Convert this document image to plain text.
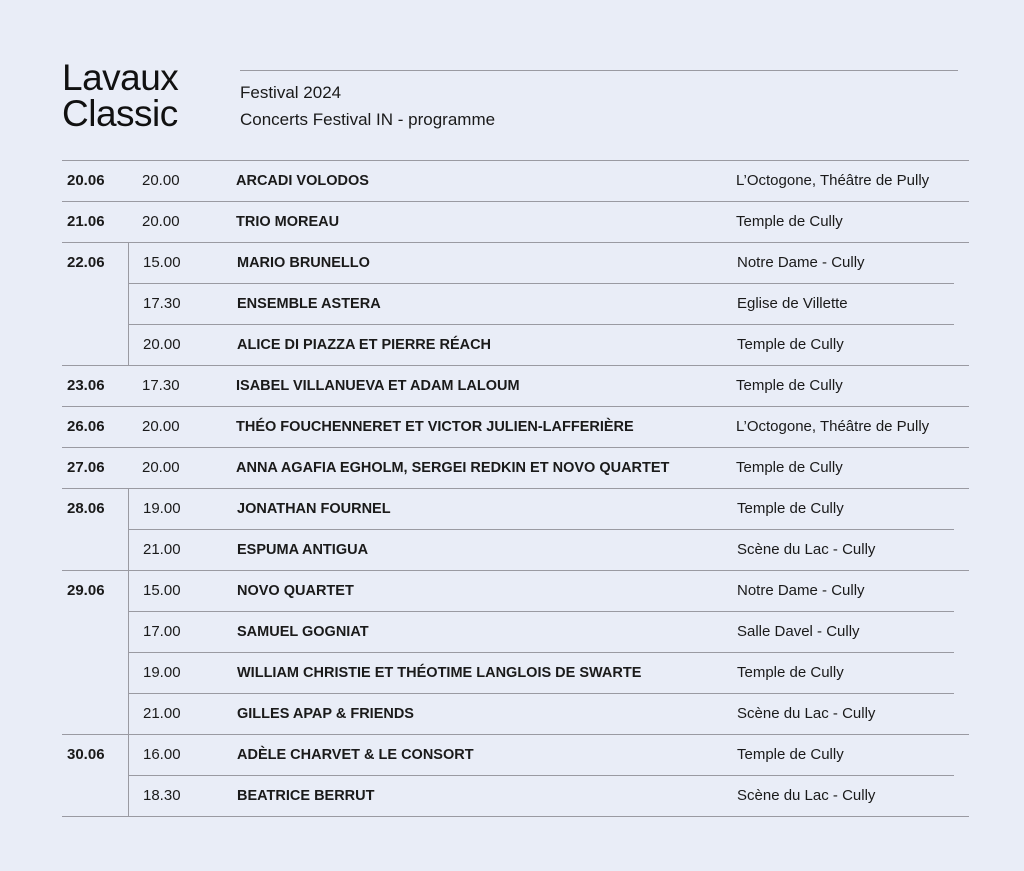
Lavaux
Classic
Festival 2024
Concerts Festival IN - programme
20.06 20.00	ARCADI VOLODOS	L’Octogone, Théâtre de Pully
21.06 20.00	TRIO MOREAU	Temple de Cully
22.06	15.00	MARIO BRUNELLO	Notre Dame - Cully
17.30	ENSEMBLE ASTERA	Eglise de Villette
20.00	ALICE DI PIAZZA ET PIERRE RÉACH	Temple de Cully
23.06 17.30	ISABEL VILLANUEVA ET ADAM LALOUM	Temple de Cully
26.06 20.00	THÉO FOUCHENNERET ET VICTOR JULIEN-LAFFERIÈRE	L’Octogone, Théâtre de Pully
27.06 20.00	ANNA AGAFIA EGHOLM, SERGEI REDKIN ET NOVO QUARTET	Temple de Cully
28.06	19.00	JONATHAN FOURNEL	Temple de Cully
21.00	ESPUMA ANTIGUA	Scène du Lac - Cully
29.06	15.00	NOVO QUARTET	Notre Dame - Cully
17.00	SAMUEL GOGNIAT	Salle Davel - Cully
19.00	WILLIAM CHRISTIE ET THÉOTIME LANGLOIS DE SWARTE	Temple de Cully
21.00	GILLES APAP & FRIENDS	Scène du Lac - Cully
30.06	16.00	ADÈLE CHARVET & LE CONSORT	Temple de Cully
18.30	BEATRICE BERRUT	Scène du Lac - Cully
